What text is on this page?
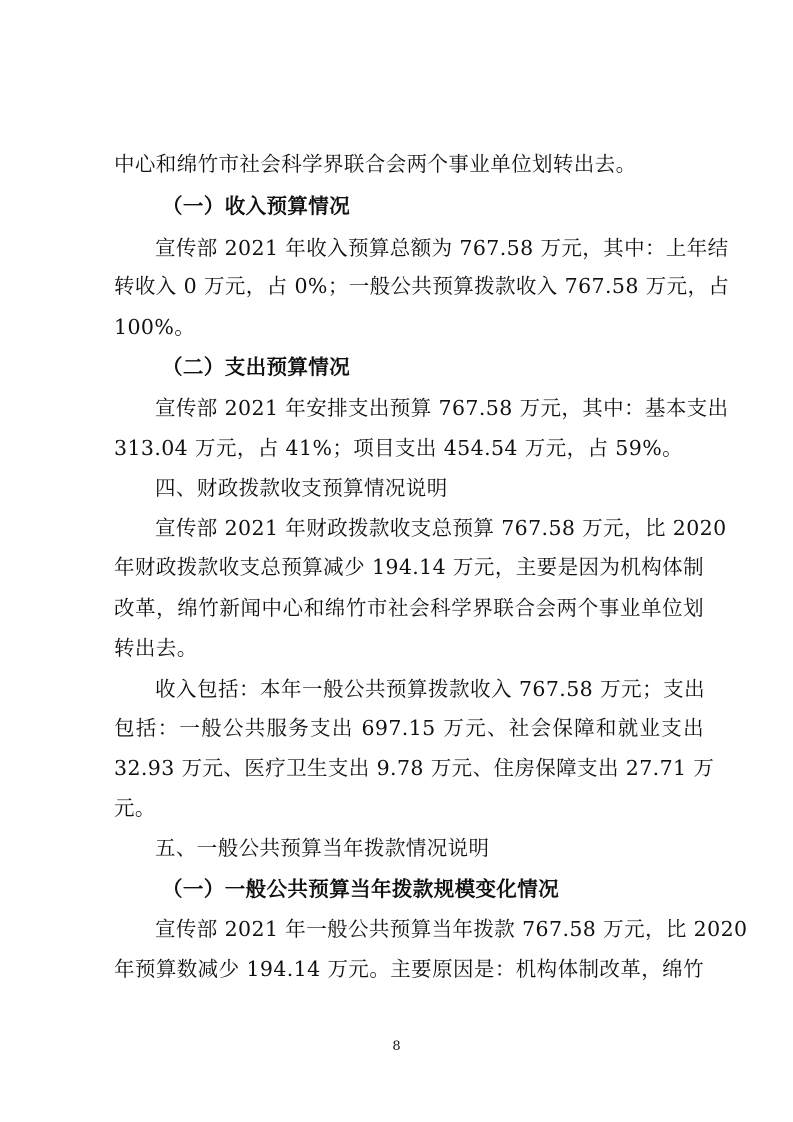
中心和绵竹市社会科学界联合会两个事业单位划转出去。
（一）收入预算情况
宣传部 2021 年收入预算总额为 767.58 万元，其中：上年结
转收入 0 万元，占 0%；一般公共预算拨款收入 767.58 万元，占
100%。
（二）支出预算情况
宣传部 2021 年安排支出预算 767.58 万元，其中：基本支出
313.04 万元，占 41%；项目支出 454.54 万元，占 59%。
四、财政拨款收支预算情况说明
宣传部 2021 年财政拨款收支总预算 767.58 万元，比 2020
年财政拨款收支总预算减少 194.14 万元，主要是因为机构体制
改革，绵竹新闻中心和绵竹市社会科学界联合会两个事业单位划
转出去。
收入包括：本年一般公共预算拨款收入 767.58 万元；支出
包括：一般公共服务支出 697.15 万元、社会保障和就业支出
32.93 万元、医疗卫生支出 9.78 万元、住房保障支出 27.71 万
元。
五、一般公共预算当年拨款情况说明
（一）一般公共预算当年拨款规模变化情况
宣传部 2021 年一般公共预算当年拨款 767.58 万元，比 2020
年预算数减少 194.14 万元。主要原因是：机构体制改革，绵竹
8
